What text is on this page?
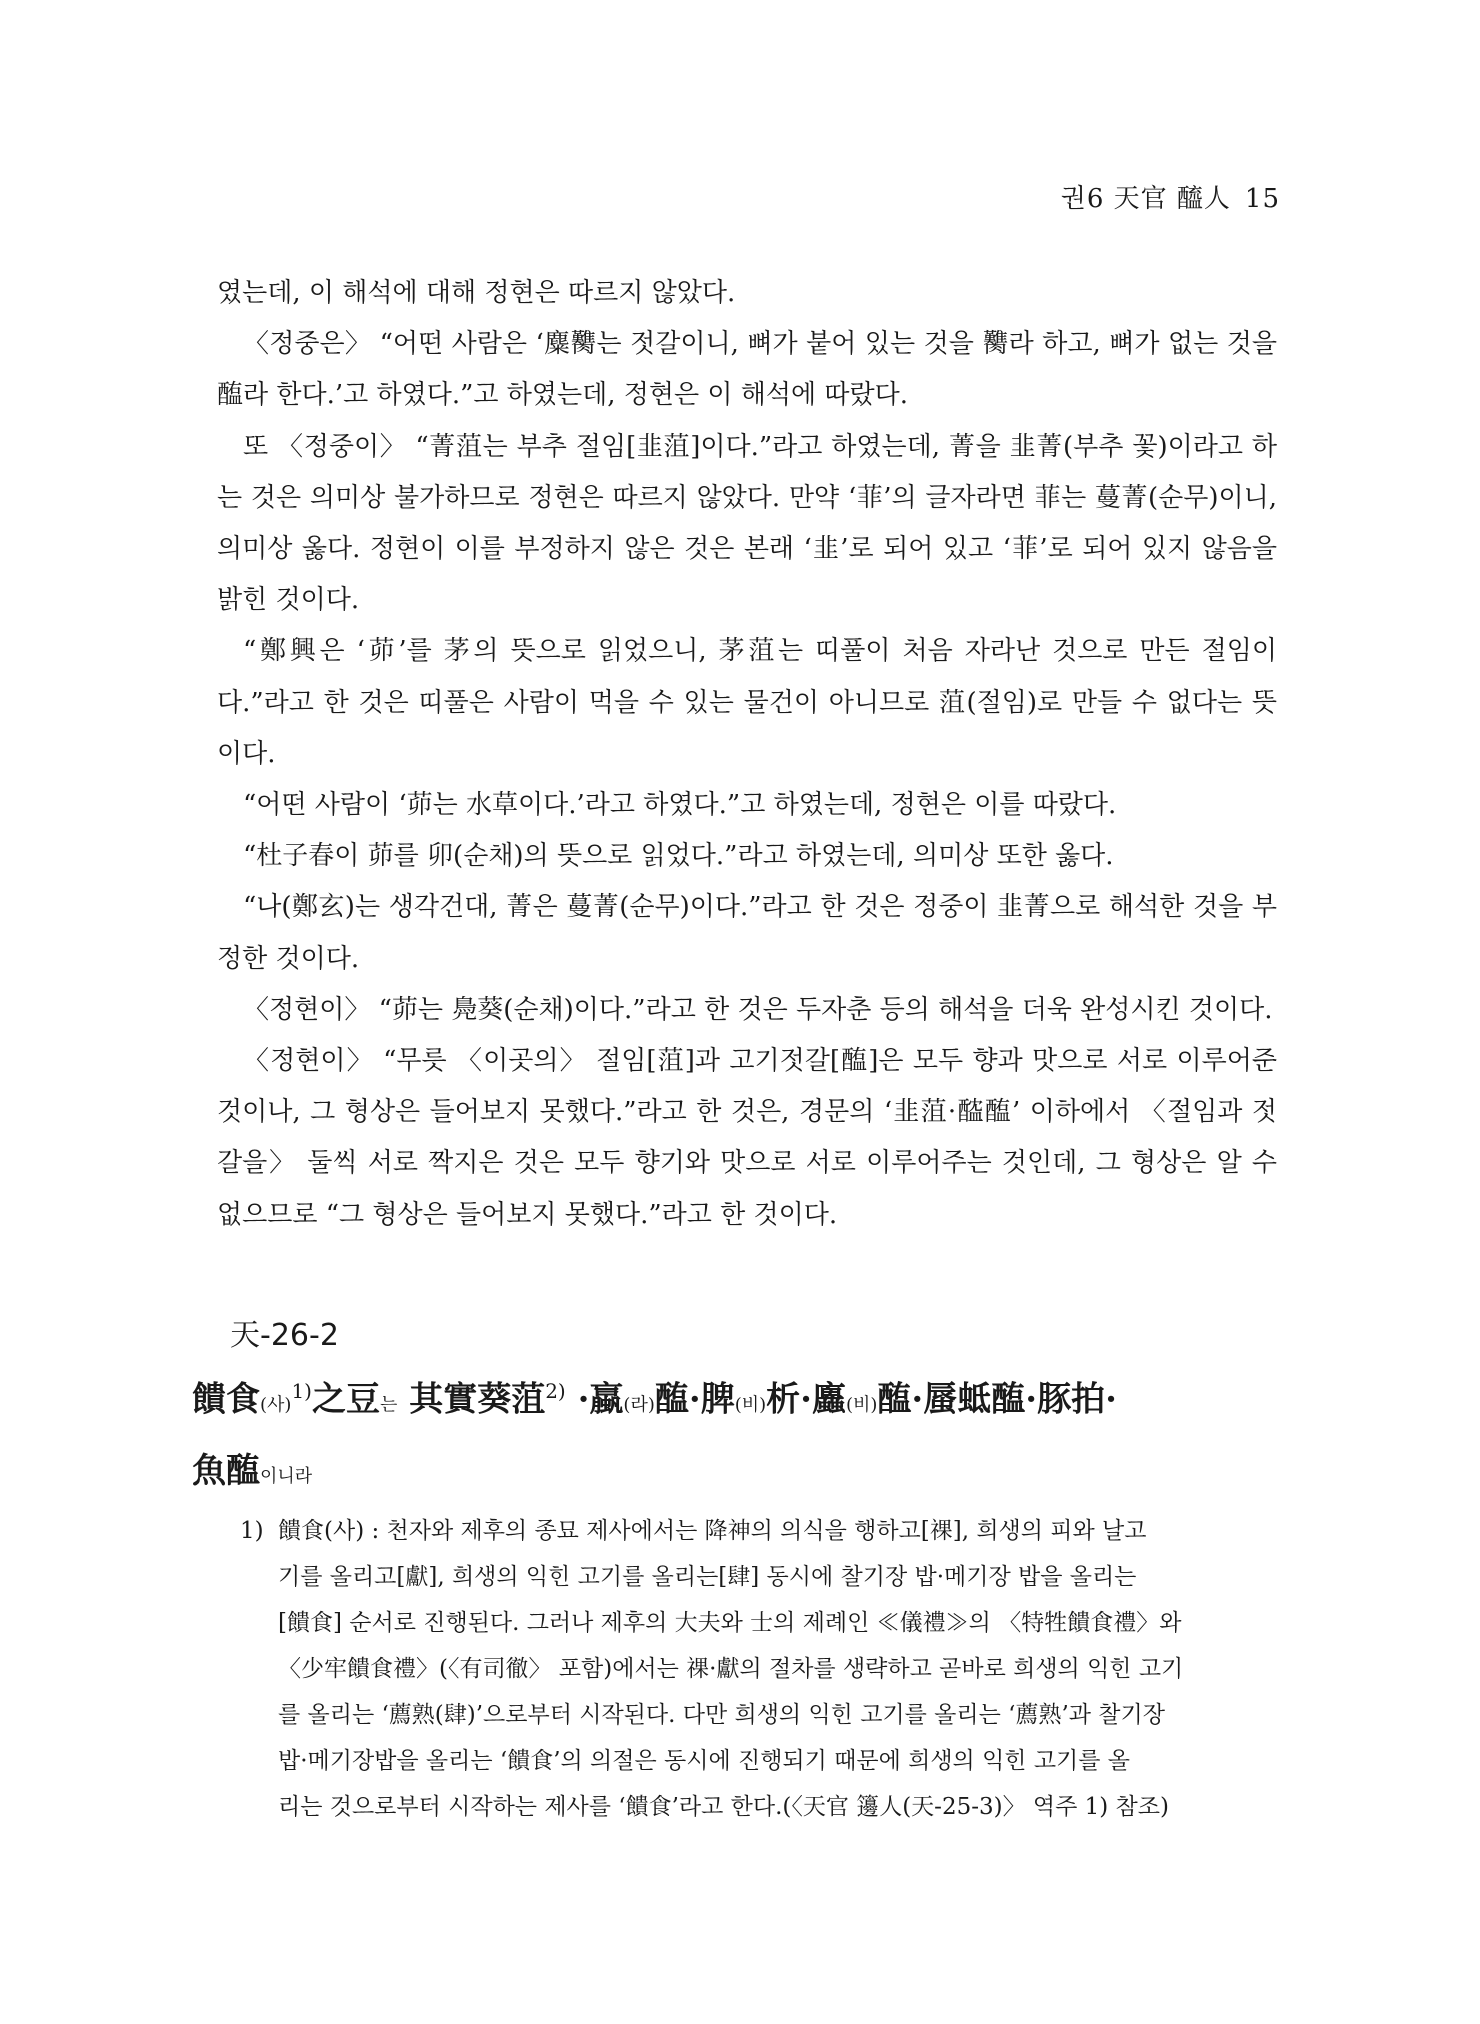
권6 天官 醯人 15

였는데, 이 해석에 대해 정현은 따르지 않았다.

〈정중은〉 “어떤 사람은 ‘麋臡는 젓갈이니, 뼈가 붙어 있는 것을 臡라 하고, 뼈가 없는 것을 醢라 한다.’고 하였다.”고 하였는데, 정현은 이 해석에 따랐다.

또 〈정중이〉 “菁菹는 부추 절임[韭菹]이다.”라고 하였는데, 菁을 韭菁(부추 꽃)이라고 하는 것은 의미상 불가하므로 정현은 따르지 않았다. 만약 ‘菲’의 글자라면 菲는 蔓菁(순무)이니, 의미상 옳다. 정현이 이를 부정하지 않은 것은 본래 ‘韭’로 되어 있고 ‘菲’로 되어 있지 않음을 밝힌 것이다.

“鄭興은 ‘茆’를 茅의 뜻으로 읽었으니, 茅菹는 띠풀이 처음 자라난 것으로 만든 절임이다.”라고 한 것은 띠풀은 사람이 먹을 수 있는 물건이 아니므로 菹(절임)로 만들 수 없다는 뜻이다.

“어떤 사람이 ‘茆는 水草이다.’라고 하였다.”고 하였는데, 정현은 이를 따랐다.

“杜子春이 茆를 卯(순채)의 뜻으로 읽었다.”라고 하였는데, 의미상 또한 옳다.

“나(鄭玄)는 생각건대, 菁은 蔓菁(순무)이다.”라고 한 것은 정중이 韭菁으로 해석한 것을 부정한 것이다.

〈정현이〉 “茆는 鳧葵(순채)이다.”라고 한 것은 두자춘 등의 해석을 더욱 완성시킨 것이다.

〈정현이〉 “무릇 〈이곳의〉 절임[菹]과 고기젓갈[醢]은 모두 향과 맛으로 서로 이루어준 것이나, 그 형상은 들어보지 못했다.”라고 한 것은, 경문의 ‘韭菹·醓醢’ 이하에서 〈절임과 젓갈을〉 둘씩 서로 짝지은 것은 모두 향기와 맛으로 서로 이루어주는 것인데, 그 형상은 알 수 없으므로 “그 형상은 들어보지 못했다.”라고 한 것이다.

天-26-2
饋食(사)$^{1)}$之豆는 其實葵菹$^{2)}$ ·蠃(라)醢·脾(비)析·蠯(비)醢·蜃蚳醢·豚拍·
魚醢이니라
1) 饋食(사) : 천자와 제후의 종묘 제사에서는 降神의 의식을 행하고[祼], 희생의 피와 날고
기를 올리고[獻], 희생의 익힌 고기를 올리는[肆] 동시에 찰기장 밥·메기장 밥을 올리는
[饋食] 순서로 진행된다. 그러나 제후의 大夫와 士의 제례인 ≪儀禮≫의 〈特牲饋食禮〉와
〈少牢饋食禮〉(〈有司徹〉 포함)에서는 祼·獻의 절차를 생략하고 곧바로 희생의 익힌 고기
를 올리는 ‘薦熟(肆)’으로부터 시작된다. 다만 희생의 익힌 고기를 올리는 ‘薦熟’과 찰기장
밥·메기장밥을 올리는 ‘饋食’의 의절은 동시에 진행되기 때문에 희생의 익힌 고기를 올
리는 것으로부터 시작하는 제사를 ‘饋食’라고 한다.(〈天官 籩人(天-25-3)〉 역주 1) 참조)
